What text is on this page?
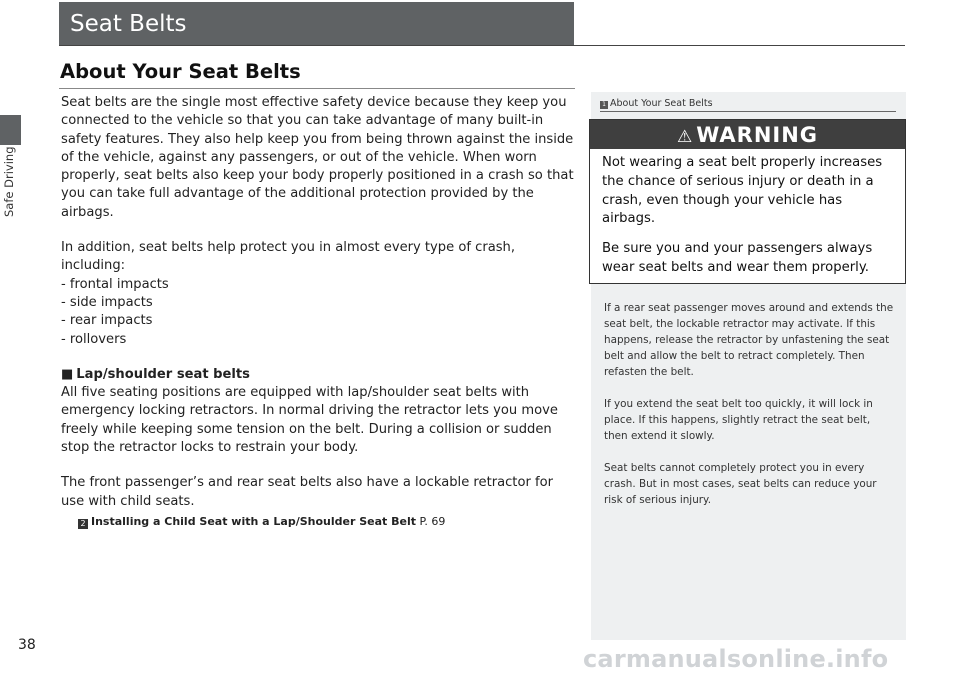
Safe Driving
Seat Belts
About Your Seat Belts

Seat belts are the single most effective safety device because they keep you connected to the vehicle so that you can take advantage of many built-in safety features. They also help keep you from being thrown against the inside of the vehicle, against any passengers, or out of the vehicle. When worn properly, seat belts also keep your body properly positioned in a crash so that you can take full advantage of the additional protection provided by the airbags.

In addition, seat belts help protect you in almost every type of crash, including:

- frontal impacts

- side impacts

- rear impacts

- rollovers

■ Lap/shoulder seat belts

All five seating positions are equipped with lap/shoulder seat belts with emergency locking retractors. In normal driving the retractor lets you move freely while keeping some tension on the belt. During a collision or sudden stop the retractor locks to restrain your body.

The front passenger’s and rear seat belts also have a lockable retractor for use with child seats.

2 Installing a Child Seat with a Lap/Shoulder Seat Belt P. 69
1 About Your Seat Belts
⚠ WARNING

Not wearing a seat belt properly increases the chance of serious injury or death in a crash, even though your vehicle has airbags.

Be sure you and your passengers always wear seat belts and wear them properly.

If a rear seat passenger moves around and extends the seat belt, the lockable retractor may activate. If this happens, release the retractor by unfastening the seat belt and allow the belt to retract completely. Then refasten the belt.

If you extend the seat belt too quickly, it will lock in place. If this happens, slightly retract the seat belt, then extend it slowly.

Seat belts cannot completely protect you in every crash. But in most cases, seat belts can reduce your risk of serious injury.

38	carmanualsonline.info
